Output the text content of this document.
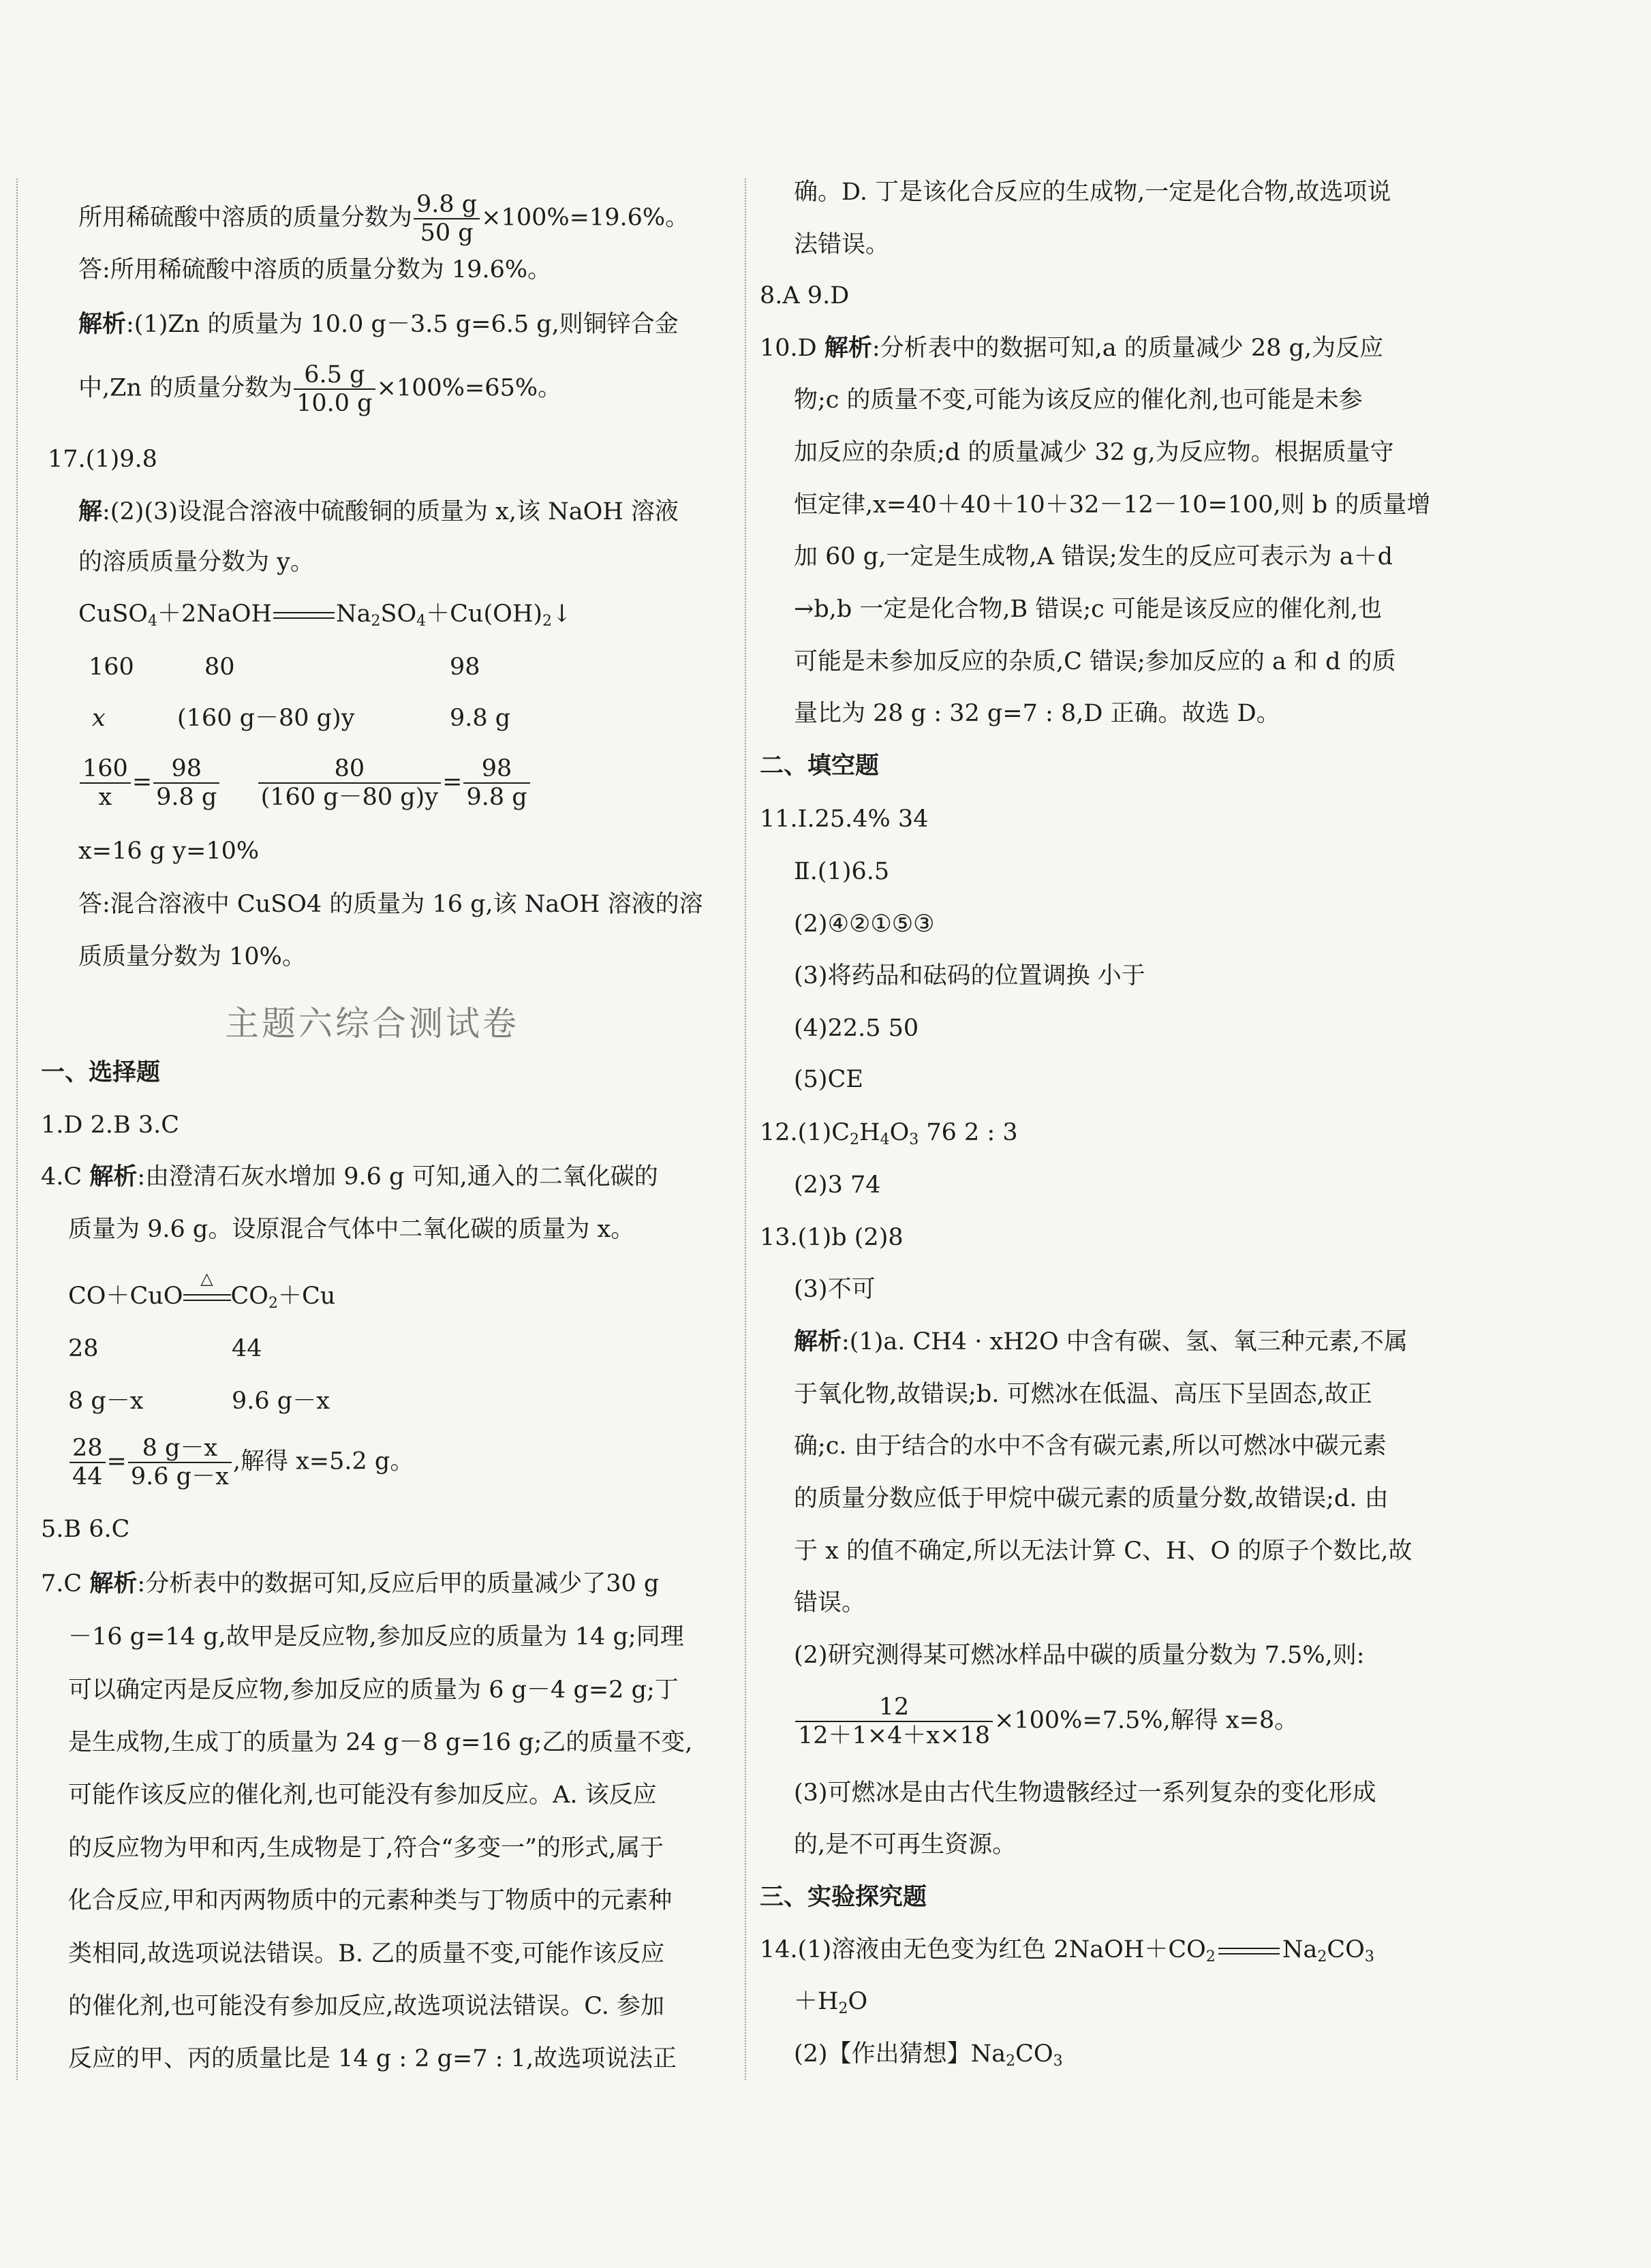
所用稀硫酸中溶质的质量分数为 $\frac{9.8 g}{50 g} \times 100\%=19.6\%$。
答:所用稀硫酸中溶质的质量分数为 19.6%。
解析:(1)Zn 的质量为 10.0 g－3.5 g=6.5 g,则铜锌合金
中,Zn 的质量分数为 $\frac{6.5 g}{10.0 g} \times 100\%=65\%$。
17.(1)9.8
解:(2)(3)设混合溶液中硫酸铜的质量为 x,该 NaOH 溶液
的溶质质量分数为 y。
CuSO$_4$＋2NaOH	$Na_2SO_4+Cu(OH)_2↓$
160	80	98
x	(160 g－80 g)y	9.8 g
$\frac{160}{x} = \frac{98}{9.8 g}$
$\frac{80}{(160 g-80 g)y} = \frac{98}{9.8 g}$
x=16 g y=10%
答:混合溶液中 CuSO4 的质量为 16 g,该 NaOH 溶液的溶
质质量分数为 10%。
主题六综合测试卷
一、选择题
1.D 2.B 3.C
4.C 解析:由澄清石灰水增加 9.6 g 可知,通入的二氧化碳的
质量为 9.6 g。设原混合气体中二氧化碳的质量为 x。
CO＋CuO
△
$CO_2+Cu$
28	44
8 g－x	9.6 g－x
$\frac{28}{44} = \frac{8 g-x}{9.6 g-x}$ ,解得 x=5.2 g。
5.B 6.C
7.C 解析:分析表中的数据可知,反应后甲的质量减少了30 g
－16 g=14 g,故甲是反应物,参加反应的质量为 14 g;同理
可以确定丙是反应物,参加反应的质量为 6 g－4 g=2 g;丁
是生成物,生成丁的质量为 24 g－8 g=16 g;乙的质量不变,
可能作该反应的催化剂,也可能没有参加反应。A. 该反应
的反应物为甲和丙,生成物是丁,符合“多变一”的形式,属于
化合反应,甲和丙两物质中的元素种类与丁物质中的元素种
类相同,故选项说法错误。B. 乙的质量不变,可能作该反应
的催化剂,也可能没有参加反应,故选项说法错误。C. 参加
反应的甲、丙的质量比是 14 g : 2 g=7 : 1,故选项说法正
确。D. 丁是该化合反应的生成物,一定是化合物,故选项说
法错误。
8.A 9.D
10.D 解析:分析表中的数据可知,a 的质量减少 28 g,为反应
物;c 的质量不变,可能为该反应的催化剂,也可能是未参
加反应的杂质;d 的质量减少 32 g,为反应物。根据质量守
恒定律,x=40＋40＋10＋32－12－10=100,则 b 的质量增
加 60 g,一定是生成物,A 错误;发生的反应可表示为 a＋d
→b,b 一定是化合物,B 错误;c 可能是该反应的催化剂,也
可能是未参加反应的杂质,C 错误;参加反应的 a 和 d 的质
量比为 28 g : 32 g=7 : 8,D 正确。故选 D。
二、填空题
11.Ⅰ.25.4% 34
Ⅱ.(1)6.5
(2)④②①⑤③
(3)将药品和砝码的位置调换 小于
(4)22.5 50
(5)CE
$12.(1)C_2H_4O_3$ 76 2 : 3
(2)3 74
13.(1)b (2)8
(3)不可
解析:(1)a. CH4 · xH2O 中含有碳、氢、氧三种元素,不属
于氧化物,故错误;b. 可燃冰在低温、高压下呈固态,故正
确;c. 由于结合的水中不含有碳元素,所以可燃冰中碳元素
的质量分数应低于甲烷中碳元素的质量分数,故错误;d. 由
于 x 的值不确定,所以无法计算 C、H、O 的原子个数比,故
错误。
(2)研究测得某可燃冰样品中碳的质量分数为 7.5%,则:
$\frac{12}{12+1\times 4+x\times 18} \times 100\%=7.5\%$,解得 x=8。
(3)可燃冰是由古代生物遗骸经过一系列复杂的变化形成
的,是不可再生资源。
三、实验探究题
14.(1)溶液由无色变为红色 $2NaOH+CO_2$	$Na_2CO_3$
$+H_2O$
(2)【作出猜想】$Na_2CO_3$
